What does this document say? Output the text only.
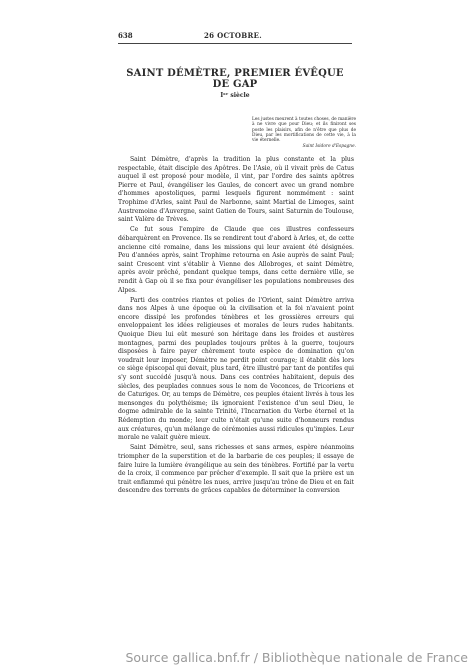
638	26 OCTOBRE.
SAINT DÉMÈTRE, PREMIER ÉVÊQUE DE GAP
Iᵉʳ siècle
Les justes meurent à toutes choses, de manière à ne vivre que pour Dieu; et ils finiront ses poste les plaisirs, afin de n'être que plus de Dieu, par les mortifications de cette vie, à la vie éternelle.
Saint Isidore d'Espagne.

Saint Démètre, d'après la tradition la plus constante et la plus respectable, était disciple des Apôtres. De l'Asie, où il vivait près de Catus auquel il est proposé pour modèle, il vint, par l'ordre des saints apôtres Pierre et Paul, évangéliser les Gaules, de concert avec un grand nombre d'hommes apostoliques, parmi lesquels figurent nommément : saint Trophime d'Arles, saint Paul de Narbonne, saint Martial de Limoges, saint Austremoine d'Auvergne, saint Gatien de Tours, saint Saturnin de Toulouse, saint Valère de Trèves.

Ce fut sous l'empire de Claude que ces illustres confesseurs débarquèrent en Provence. Ils se rendirent tout d'abord à Arles, et, de cette ancienne cité romaine, dans les missions qui leur avaient été désignées. Peu d'années après, saint Trophime retourna en Asie auprès de saint Paul; saint Crescent vint s'établir à Vienne des Allobroges, et saint Démètre, après avoir prêché, pendant quelque temps, dans cette dernière ville, se rendit à Gap où il se fixa pour évangéliser les populations nombreuses des Alpes.

Parti des contrées riantes et polies de l'Orient, saint Démètre arriva dans nos Alpes à une époque où la civilisation et la foi n'avaient point encore dissipé les profondes ténèbres et les grossières erreurs qui enveloppaient les idées religieuses et morales de leurs rudes habitants. Quoique Dieu lui eût mesuré son héritage dans les froides et austères montagnes, parmi des peuplades toujours prêtes à la guerre, toujours disposées à faire payer chèrement toute espèce de domination qu'on voudrait leur imposer, Démètre ne perdit point courage; il établit dès lors ce siège épiscopal qui devait, plus tard, être illustré par tant de pontifes qui s'y sont succédé jusqu'à nous. Dans ces contrées habitaient, depuis des siècles, des peuplades connues sous le nom de Voconces, de Tricoriens et de Caturiges. Or, au temps de Démètre, ces peuples étaient livrés à tous les mensonges du polythéisme; ils ignoraient l'existence d'un seul Dieu, le dogme admirable de la sainte Trinité, l'Incarnation du Verbe éternel et la Rédemption du monde; leur culte n'était qu'une suite d'honneurs rendus aux créatures, qu'un mélange de cérémonies aussi ridicules qu'impies. Leur morale ne valait guère mieux.

Saint Démètre, seul, sans richesses et sans armes, espère néanmoins triompher de la superstition et de la barbarie de ces peuples; il essaye de faire luire la lumière évangélique au sein des ténèbres. Fortifié par la vertu de la croix, il commence par prêcher d'exemple. Il sait que la prière est un trait enflammé qui pénètre les nues, arrive jusqu'au trône de Dieu et en fait descendre des torrents de grâces capables de déterminer la conversion

Source gallica.bnf.fr / Bibliothèque nationale de France
